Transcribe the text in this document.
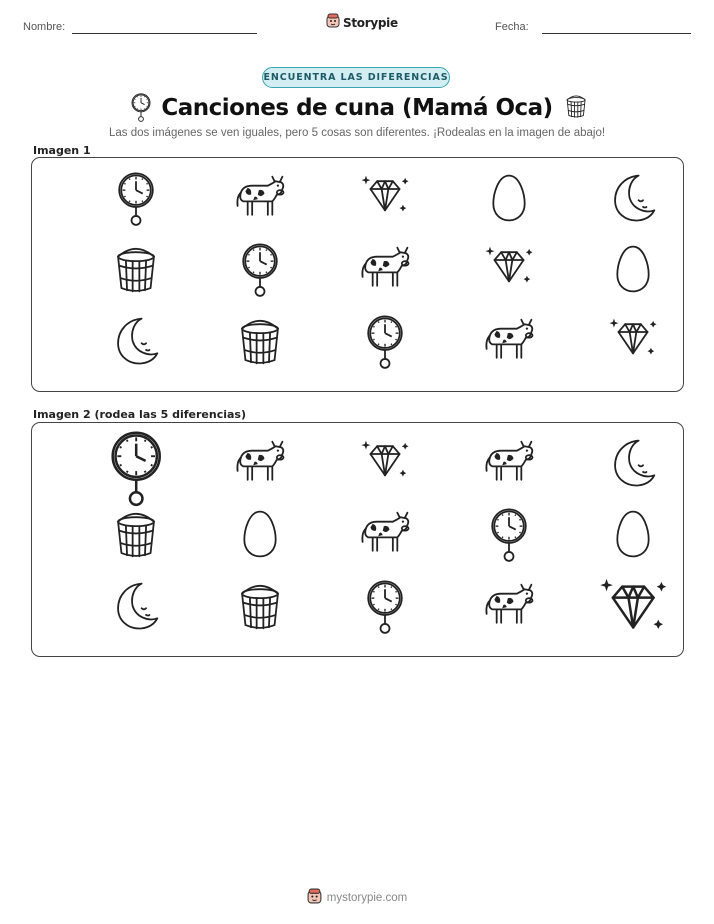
Nombre:	Storypie	Fecha:
ENCUENTRA LAS DIFERENCIAS
Canciones de cuna (Mamá Oca)
Las dos imágenes se ven iguales, pero 5 cosas son diferentes. ¡Rodealas en la imagen de abajo!
Imagen 1
Imagen 2 (rodea las 5 diferencias)
mystorypie.com
